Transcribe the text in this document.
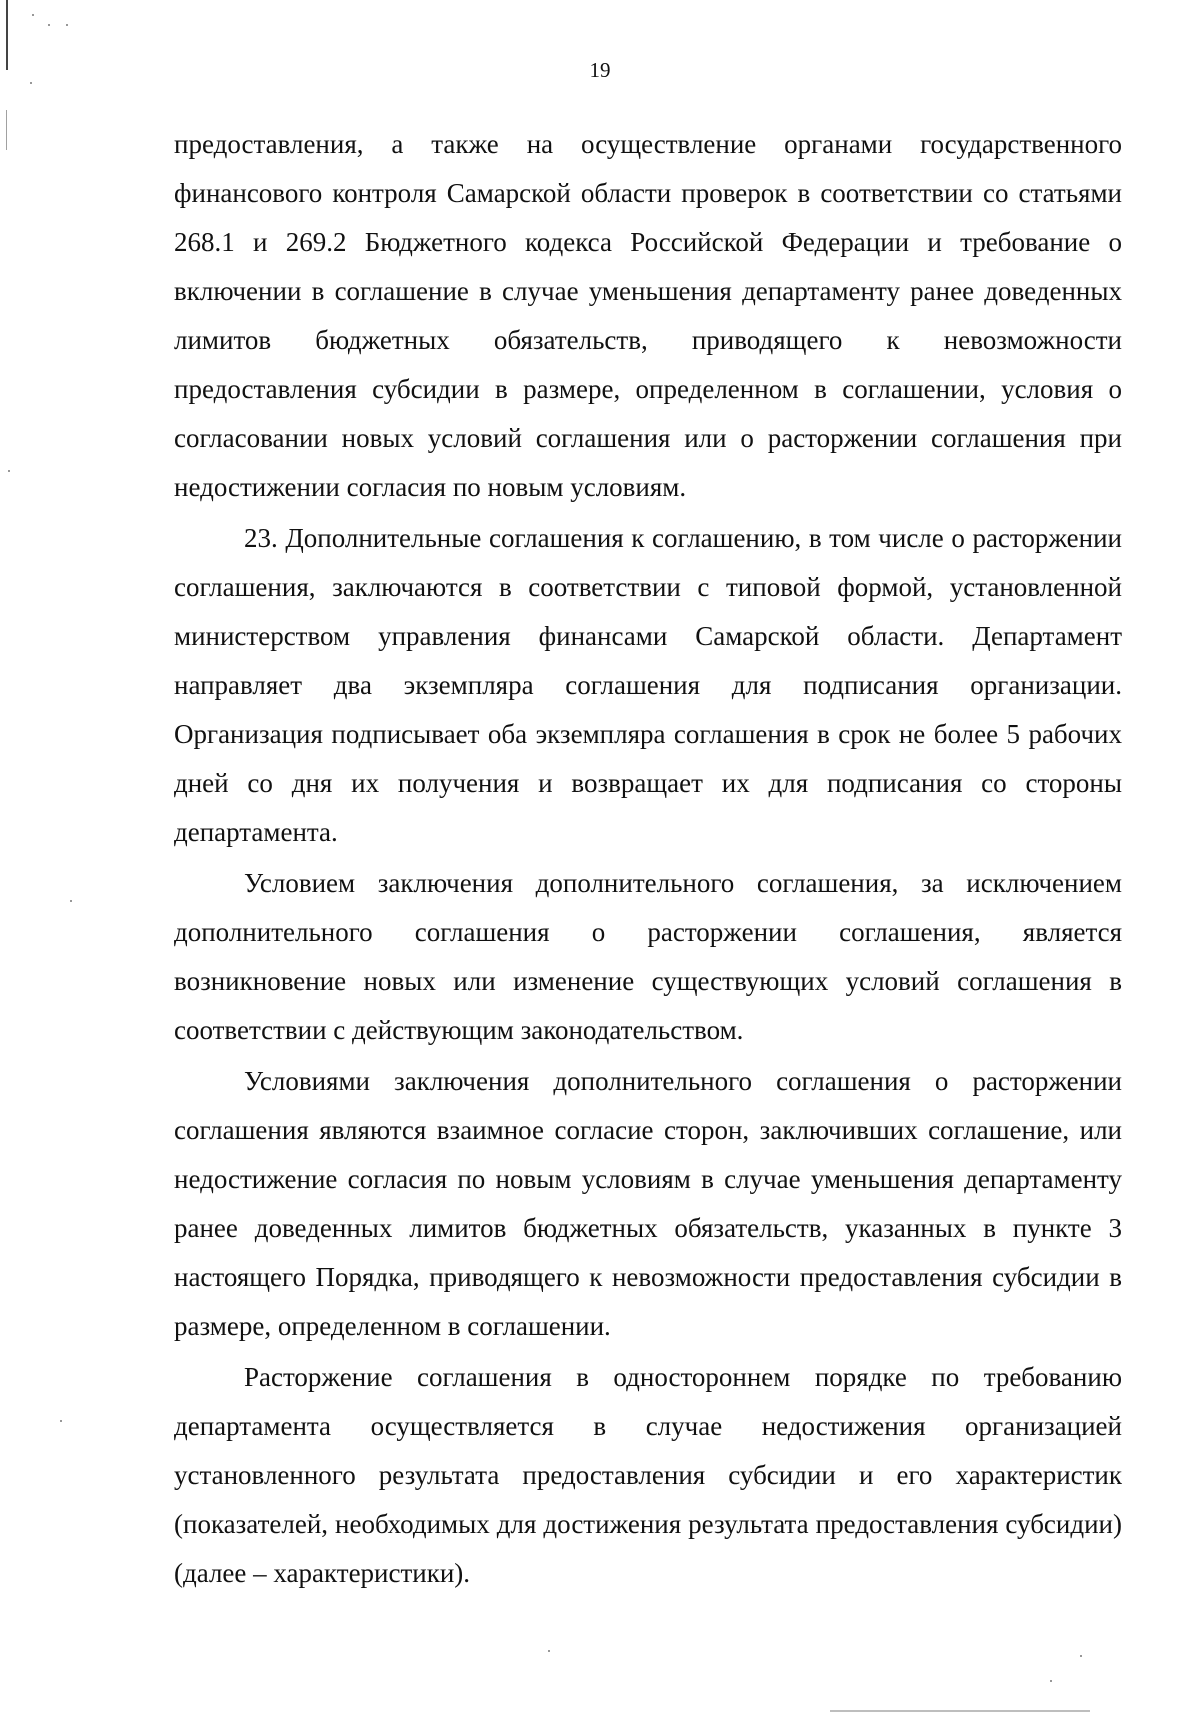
19

предоставления, а также на осуществление органами государственного финансового контроля Самарской области проверок в соответствии со статьями 268.1 и 269.2 Бюджетного кодекса Российской Федерации и требование о включении в соглашение в случае уменьшения департаменту ранее доведенных лимитов бюджетных обязательств, приводящего к невозможности предоставления субсидии в размере, определенном в соглашении, условия о согласовании новых условий соглашения или о расторжении соглашения при недостижении согласия по новым условиям.

23. Дополнительные соглашения к соглашению, в том числе о расторжении соглашения, заключаются в соответствии с типовой формой, установленной министерством управления финансами Самарской области. Департамент направляет два экземпляра соглашения для подписания организации. Организация подписывает оба экземпляра соглашения в срок не более 5 рабочих дней со дня их получения и возвращает их для подписания со стороны департамента.

Условием заключения дополнительного соглашения, за исключением дополнительного соглашения о расторжении соглашения, является возникновение новых или изменение существующих условий соглашения в соответствии с действующим законодательством.

Условиями заключения дополнительного соглашения о расторжении соглашения являются взаимное согласие сторон, заключивших соглашение, или недостижение согласия по новым условиям в случае уменьшения департаменту ранее доведенных лимитов бюджетных обязательств, указанных в пункте 3 настоящего Порядка, приводящего к невозможности предоставления субсидии в размере, определенном в соглашении.

Расторжение соглашения в одностороннем порядке по требованию департамента осуществляется в случае недостижения организацией установленного результата предоставления субсидии и его характеристик (показателей, необходимых для достижения результата предоставления субсидии) (далее – характеристики).
